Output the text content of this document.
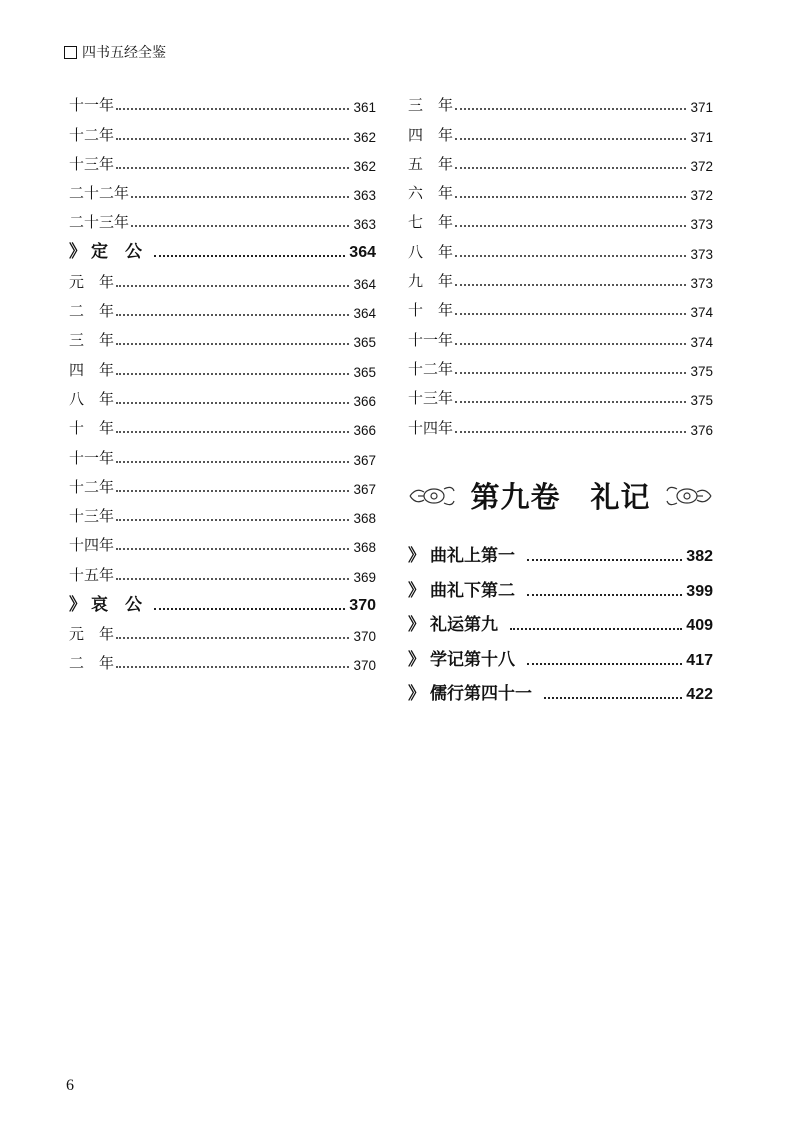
四书五经全鉴
十一年	361
十二年	362
十三年	362
二十二年	363
二十三年	363
》 定　公	364
元　年	364
二　年	364
三　年	365
四　年	365
八　年	366
十　年	366
十一年	367
十二年	367
十三年	368
十四年	368
十五年	369
》 哀　公	370
元　年	370
二　年	370
三　年	371
四　年	371
五　年	372
六　年	372
七　年	373
八　年	373
九　年	373
十　年	374
十一年	374
十二年	375
十三年	375
十四年	376
第九卷　礼记
》 曲礼上第一	382
》 曲礼下第二	399
》 礼运第九	409
》 学记第十八	417
》 儒行第四十一	422
6
